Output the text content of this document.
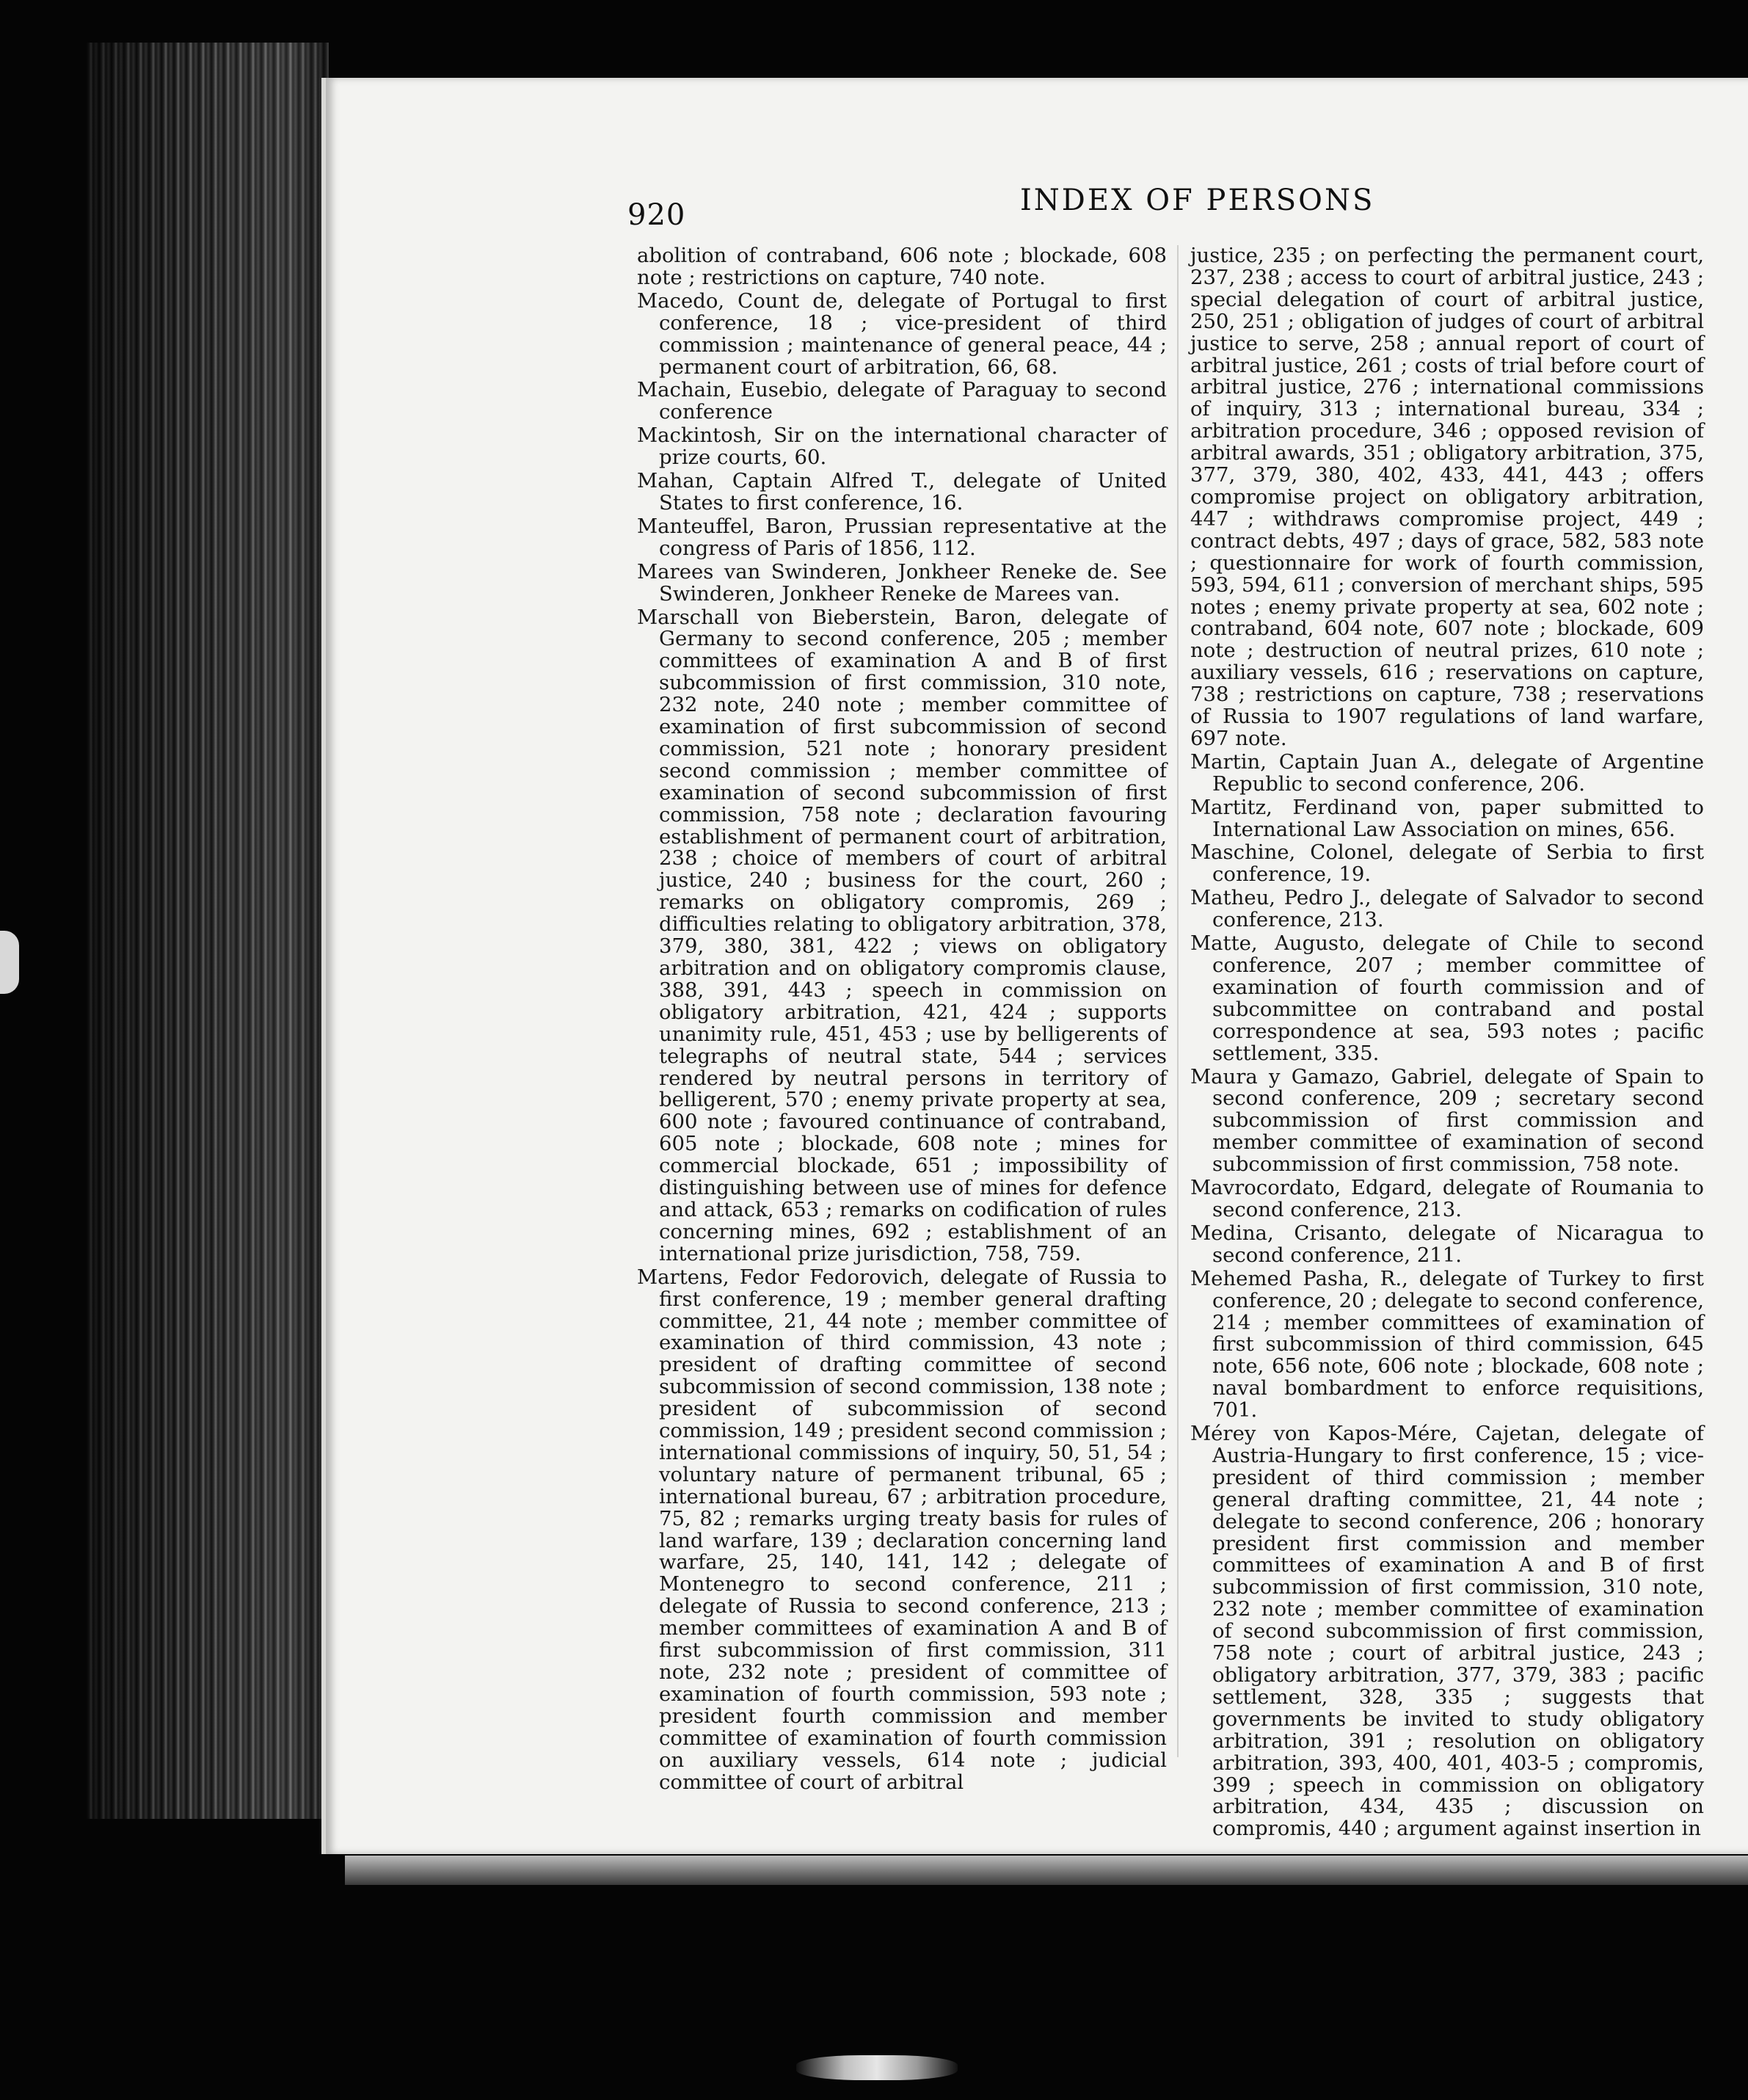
920	INDEX OF PERSONS

abolition of contraband, 606 note ; blockade, 608 note ; restrictions on capture, 740 note.

Macedo, Count de, delegate of Portugal to first conference, 18 ; vice-president of third commission ; maintenance of general peace, 44 ; permanent court of arbitration, 66, 68.

Machain, Eusebio, delegate of Paraguay to second conference

Mackintosh, Sir on the international character of prize courts, 60.

Mahan, Captain Alfred T., delegate of United States to first conference, 16.

Manteuffel, Baron, Prussian representative at the congress of Paris of 1856, 112.

Marees van Swinderen, Jonkheer Reneke de. See Swinderen, Jonkheer Reneke de Marees van.

Marschall von Bieberstein, Baron, delegate of Germany to second conference, 205 ; member committees of examination A and B of first subcommission of first commission, 310 note, 232 note, 240 note ; member committee of examination of first subcommission of second commission, 521 note ; honorary president second commission ; member committee of examination of second subcommission of first commission, 758 note ; declaration favouring establishment of permanent court of arbitration, 238 ; choice of members of court of arbitral justice, 240 ; business for the court, 260 ; remarks on obligatory compromis, 269 ; difficulties relating to obligatory arbitration, 378, 379, 380, 381, 422 ; views on obligatory arbitration and on obligatory compromis clause, 388, 391, 443 ; speech in commission on obligatory arbitration, 421, 424 ; supports unanimity rule, 451, 453 ; use by belligerents of telegraphs of neutral state, 544 ; services rendered by neutral persons in territory of belligerent, 570 ; enemy private property at sea, 600 note ; favoured continuance of contraband, 605 note ; blockade, 608 note ; mines for commercial blockade, 651 ; impossibility of distinguishing between use of mines for defence and attack, 653 ; remarks on codification of rules concerning mines, 692 ; establishment of an international prize jurisdiction, 758, 759.

Martens, Fedor Fedorovich, delegate of Russia to first conference, 19 ; member general drafting committee, 21, 44 note ; member committee of examination of third commission, 43 note ; president of drafting committee of second subcommission of second commission, 138 note ; president of subcommission of second commission, 149 ; president second commission ; international commissions of inquiry, 50, 51, 54 ; voluntary nature of permanent tribunal, 65 ; international bureau, 67 ; arbitration procedure, 75, 82 ; remarks urging treaty basis for rules of land warfare, 139 ; declaration concerning land warfare, 25, 140, 141, 142 ; delegate of Montenegro to second conference, 211 ; delegate of Russia to second conference, 213 ; member committees of examination A and B of first subcommission of first commission, 311 note, 232 note ; president of committee of examination of fourth commission, 593 note ; president fourth commission and member committee of examination of fourth commission on auxiliary vessels, 614 note ; judicial committee of court of arbitral

justice, 235 ; on perfecting the permanent court, 237, 238 ; access to court of arbitral justice, 243 ; special delegation of court of arbitral justice, 250, 251 ; obligation of judges of court of arbitral justice to serve, 258 ; annual report of court of arbitral justice, 261 ; costs of trial before court of arbitral justice, 276 ; international commissions of inquiry, 313 ; international bureau, 334 ; arbitration procedure, 346 ; opposed revision of arbitral awards, 351 ; obligatory arbitration, 375, 377, 379, 380, 402, 433, 441, 443 ; offers compromise project on obligatory arbitration, 447 ; withdraws compromise project, 449 ; contract debts, 497 ; days of grace, 582, 583 note ; questionnaire for work of fourth commission, 593, 594, 611 ; conversion of merchant ships, 595 notes ; enemy private property at sea, 602 note ; contraband, 604 note, 607 note ; blockade, 609 note ; destruction of neutral prizes, 610 note ; auxiliary vessels, 616 ; reservations on capture, 738 ; restrictions on capture, 738 ; reservations of Russia to 1907 regulations of land warfare, 697 note.

Martin, Captain Juan A., delegate of Argentine Republic to second conference, 206.

Martitz, Ferdinand von, paper submitted to International Law Association on mines, 656.

Maschine, Colonel, delegate of Serbia to first conference, 19.

Matheu, Pedro J., delegate of Salvador to second conference, 213.

Matte, Augusto, delegate of Chile to second conference, 207 ; member committee of examination of fourth commission and of subcommittee on contraband and postal correspondence at sea, 593 notes ; pacific settlement, 335.

Maura y Gamazo, Gabriel, delegate of Spain to second conference, 209 ; secretary second subcommission of first commission and member committee of examination of second subcommission of first commission, 758 note.

Mavrocordato, Edgard, delegate of Roumania to second conference, 213.

Medina, Crisanto, delegate of Nicaragua to second conference, 211.

Mehemed Pasha, R., delegate of Turkey to first conference, 20 ; delegate to second conference, 214 ; member committees of examination of first subcommission of third commission, 645 note, 656 note, 606 note ; blockade, 608 note ; naval bombardment to enforce requisitions, 701.

Mérey von Kapos-Mére, Cajetan, delegate of Austria-Hungary to first conference, 15 ; vice-president of third commission ; member general drafting committee, 21, 44 note ; delegate to second conference, 206 ; honorary president first commission and member committees of examination A and B of first subcommission of first commission, 310 note, 232 note ; member committee of examination of second subcommission of first commission, 758 note ; court of arbitral justice, 243 ; obligatory arbitration, 377, 379, 383 ; pacific settlement, 328, 335 ; suggests that governments be invited to study obligatory arbitration, 391 ; resolution on obligatory arbitration, 393, 400, 401, 403-5 ; compromis, 399 ; speech in commission on obligatory arbitration, 434, 435 ; discussion on compromis, 440 ; argument against insertion in
